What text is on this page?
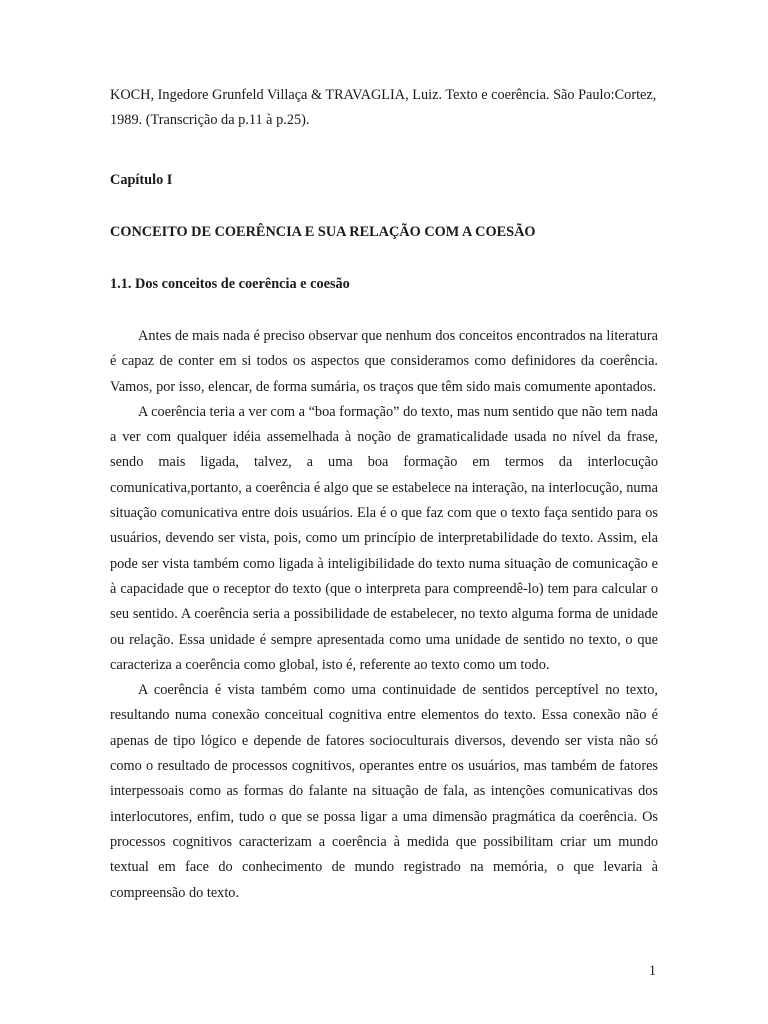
KOCH, Ingedore Grunfeld Villaça & TRAVAGLIA, Luiz. Texto e coerência. São Paulo:Cortez, 1989. (Transcrição da p.11 à p.25).

Capítulo I

CONCEITO DE COERÊNCIA E SUA RELAÇÃO COM A COESÃO

1.1. Dos conceitos de coerência e coesão

Antes de mais nada é preciso observar que nenhum dos conceitos encontrados na literatura é capaz de conter em si todos os aspectos que consideramos como definidores da coerência. Vamos, por isso, elencar, de forma sumária, os traços que têm sido mais comumente apontados.

A coerência teria a ver com a “boa formação” do texto, mas num sentido que não tem nada a ver com qualquer idéia assemelhada à noção de gramaticalidade usada no nível da frase, sendo mais ligada, talvez, a uma boa formação em termos da interlocução comunicativa,portanto, a coerência é algo que se estabelece na interação, na interlocução, numa situação comunicativa entre dois usuários. Ela é o que faz com que o texto faça sentido para os usuários, devendo ser vista, pois, como um princípio de interpretabilidade do texto. Assim, ela pode ser vista também como ligada à inteligibilidade do texto numa situação de comunicação e à capacidade que o receptor do texto (que o interpreta para compreendê-lo) tem para calcular o seu sentido. A coerência seria a possibilidade de estabelecer, no texto alguma forma de unidade ou relação. Essa unidade é sempre apresentada como uma unidade de sentido no texto, o que caracteriza a coerência como global, isto é, referente ao texto como um todo.

A coerência é vista também como uma continuidade de sentidos perceptível no texto, resultando numa conexão conceitual cognitiva entre elementos do texto. Essa conexão não é apenas de tipo lógico e depende de fatores socioculturais diversos, devendo ser vista não só como o resultado de processos cognitivos, operantes entre os usuários, mas também de fatores interpessoais como as formas do falante na situação de fala, as intenções comunicativas dos interlocutores, enfim, tudo o que se possa ligar a uma dimensão pragmática da coerência. Os processos cognitivos caracterizam a coerência à medida que possibilitam criar um mundo textual em face do conhecimento de mundo registrado na memória, o que levaria à compreensão do texto.

1
